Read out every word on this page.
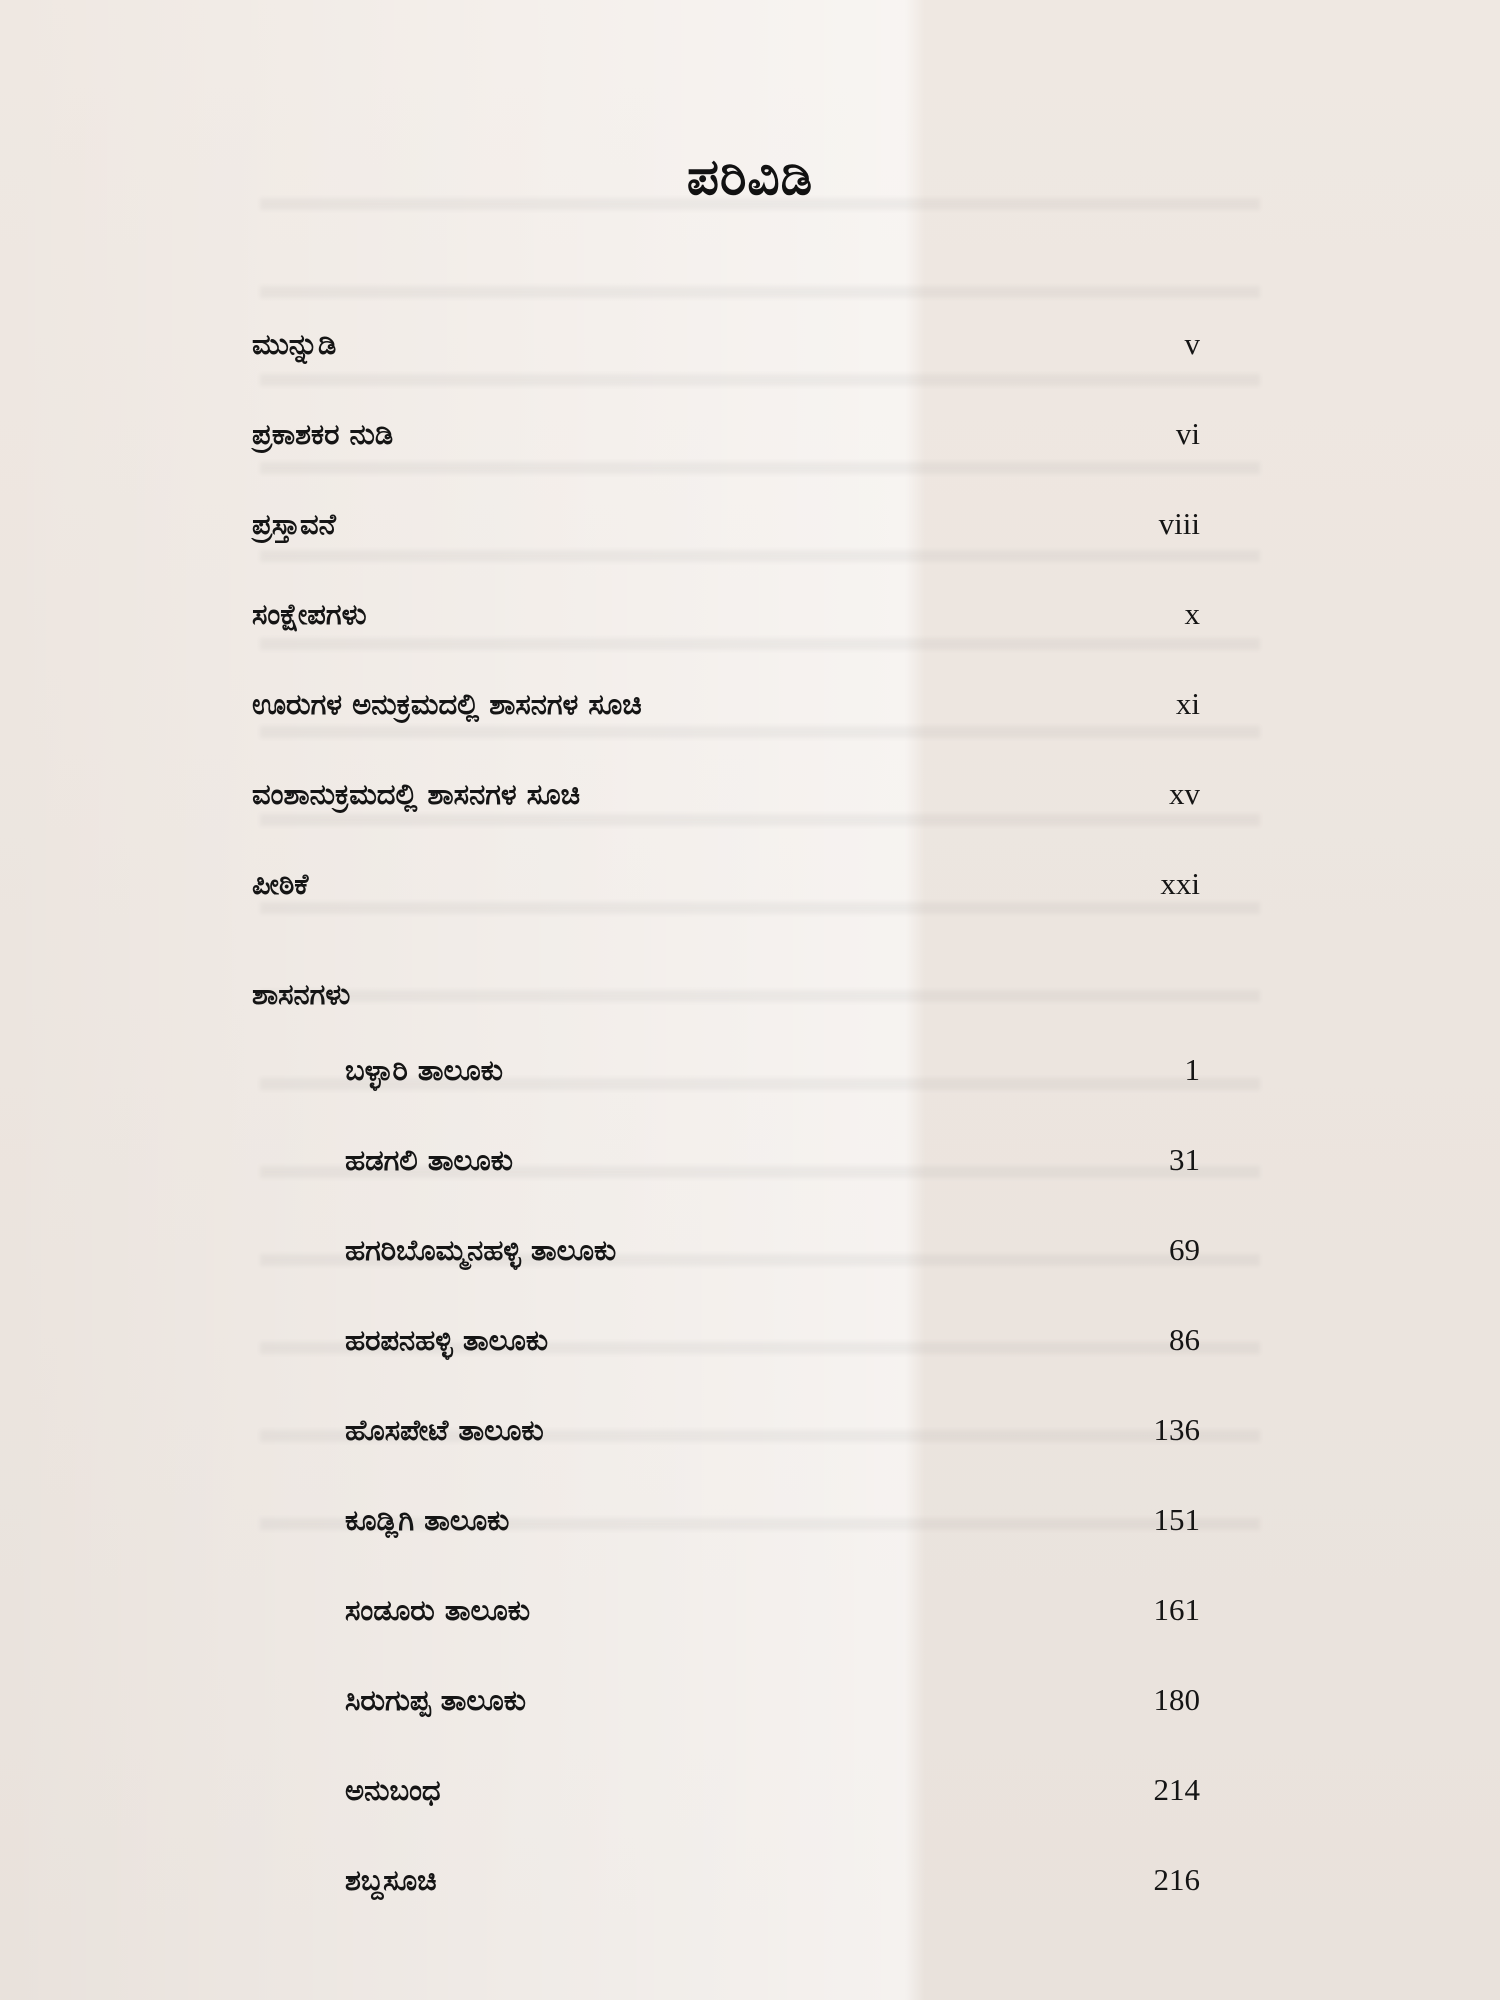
ಪರಿವಿಡಿ
ಮುನ್ನುಡಿ	v
ಪ್ರಕಾಶಕರ ನುಡಿ	vi
ಪ್ರಸ್ತಾವನೆ	viii
ಸಂಕ್ಷೇಪಗಳು	x
ಊರುಗಳ ಅನುಕ್ರಮದಲ್ಲಿ ಶಾಸನಗಳ ಸೂಚಿ	xi
ವಂಶಾನುಕ್ರಮದಲ್ಲಿ ಶಾಸನಗಳ ಸೂಚಿ	xv
ಪೀಠಿಕೆ	xxi
ಶಾಸನಗಳು
ಬಳ್ಳಾರಿ ತಾಲೂಕು	1
ಹಡಗಲಿ ತಾಲೂಕು	31
ಹಗರಿಬೊಮ್ಮನಹಳ್ಳಿ ತಾಲೂಕು	69
ಹರಪನಹಳ್ಳಿ ತಾಲೂಕು	86
ಹೊಸಪೇಟೆ ತಾಲೂಕು	136
ಕೂಡ್ಲಿಗಿ ತಾಲೂಕು	151
ಸಂಡೂರು ತಾಲೂಕು	161
ಸಿರುಗುಪ್ಪ ತಾಲೂಕು	180
ಅನುಬಂಧ	214
ಶಬ್ದಸೂಚಿ	216
